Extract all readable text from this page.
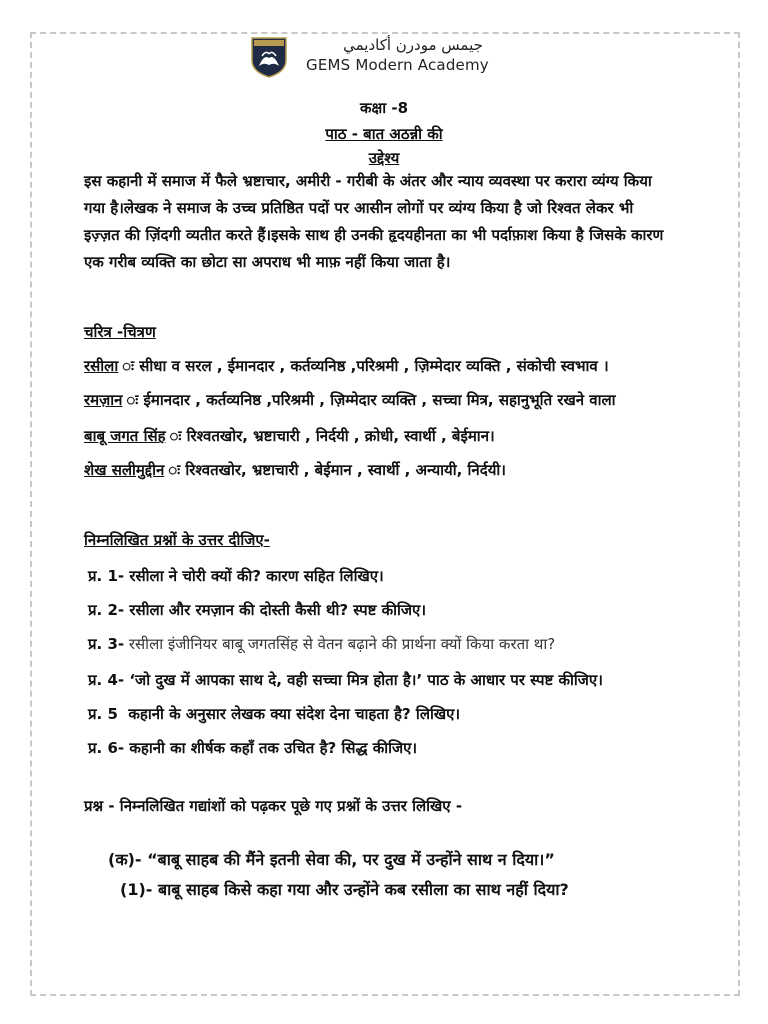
جيمس مودرن أكاديمي
GEMS Modern Academy
कक्षा -8
पाठ - बात अठन्नी की
उद्देश्य
इस कहानी में समाज में फैले भ्रष्टाचार, अमीरी - गरीबी के अंतर और न्याय व्यवस्था पर करारा व्यंग्य किया
गया है।लेखक ने समाज के उच्च प्रतिष्ठित पदों पर आसीन लोगों पर व्यंग्य किया है जो रिश्वत लेकर भी
इज़्ज़त की ज़िंदगी व्यतीत करते हैं।इसके साथ ही उनकी हृदयहीनता का भी पर्दाफ़ाश किया है जिसके कारण
एक गरीब व्यक्ति का छोटा सा अपराध भी माफ़ नहीं किया जाता है।
चरित्र -चित्रण
रसीला ः सीधा व सरल , ईमानदार , कर्तव्यनिष्ठ ,परिश्रमी , ज़िम्मेदार व्यक्ति , संकोची स्वभाव ।
रमज़ान ः ईमानदार , कर्तव्यनिष्ठ ,परिश्रमी , ज़िम्मेदार व्यक्ति , सच्चा मित्र, सहानुभूति रखने वाला
बाबू जगत सिंह ः रिश्वतखोर, भ्रष्टाचारी , निर्दयी , क्रोधी, स्वार्थी , बेईमान।
शेख सलीमुद्दीन ः रिश्वतखोर, भ्रष्टाचारी , बेईमान , स्वार्थी , अन्यायी, निर्दयी।
निम्नलिखित प्रश्नों के उत्तर दीजिए-
प्र. 1- रसीला ने चोरी क्यों की? कारण सहित लिखिए।
प्र. 2- रसीला और रमज़ान की दोस्ती कैसी थी? स्पष्ट कीजिए।
प्र. 3- रसीला इंजीनियर बाबू जगतसिंह से वेतन बढ़ाने की प्रार्थना क्यों किया करता था?
प्र. 4- ‘जो दुख में आपका साथ दे, वही सच्चा मित्र होता है।’ पाठ के आधार पर स्पष्ट कीजिए।
प्र. 5 कहानी के अनुसार लेखक क्या संदेश देना चाहता है? लिखिए।
प्र. 6- कहानी का शीर्षक कहाँ तक उचित है? सिद्ध कीजिए।
प्रश्न - निम्नलिखित गद्यांशों को पढ़कर पूछे गए प्रश्नों के उत्तर लिखिए -
(क)- “बाबू साहब की मैंने इतनी सेवा की, पर दुख में उन्होंने साथ न दिया।”
(1)- बाबू साहब किसे कहा गया और उन्होंने कब रसीला का साथ नहीं दिया?
